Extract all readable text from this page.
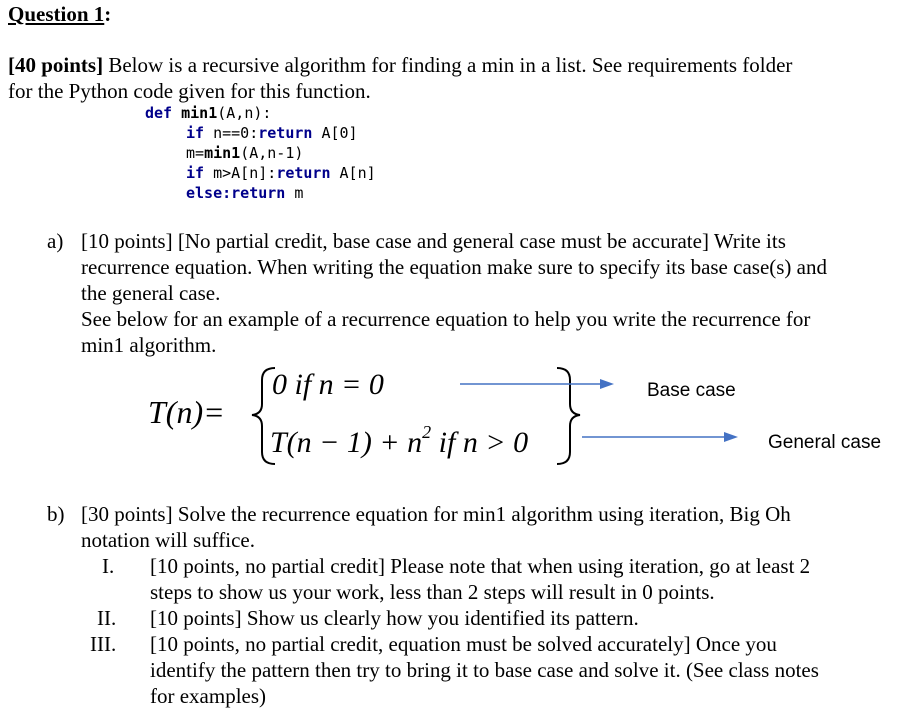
Question 1:
[40 points] Below is a recursive algorithm for finding a min in a list. See requirements folder
for the Python code given for this function.
def min1(A,n):
if n==0:return A[0]
m=min1(A,n-1)
if m>A[n]:return A[n]
else:return m
a) [10 points] [No partial credit, base case and general case must be accurate] Write its
recurrence equation. When writing the equation make sure to specify its base case(s) and
the general case.
See below for an example of a recurrence equation to help you write the recurrence for
min1 algorithm.
T(n)=
0 if n = 0
$T(n - 1) + n^2$ if n > 0
Base case
General case
b) [30 points] Solve the recurrence equation for min1 algorithm using iteration, Big Oh
notation will suffice.
I. [10 points, no partial credit] Please note that when using iteration, go at least 2
steps to show us your work, less than 2 steps will result in 0 points.
II. [10 points] Show us clearly how you identified its pattern.
III. [10 points, no partial credit, equation must be solved accurately] Once you
identify the pattern then try to bring it to base case and solve it. (See class notes
for examples)
